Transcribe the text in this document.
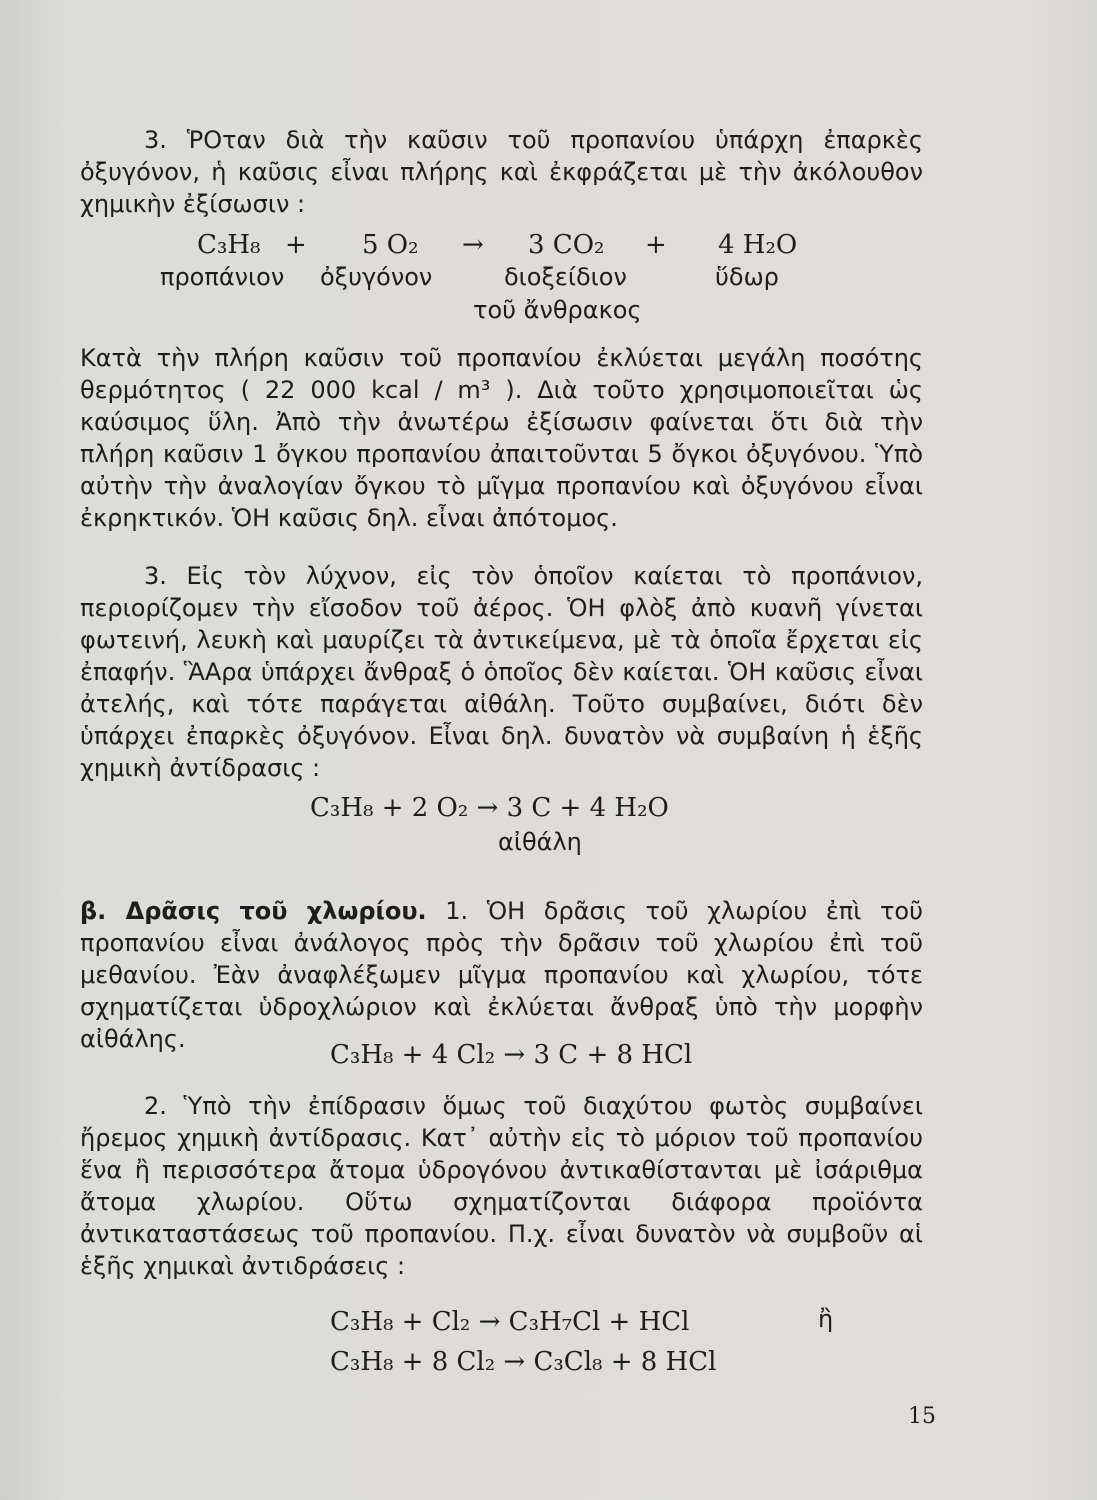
3. ῬΟταν διὰ τὴν καῦσιν τοῦ προπανίου ὑπάρχη ἐπαρκὲς ὀξυγόνον, ἡ καῦσις εἶναι πλήρης καὶ ἐκφράζεται μὲ τὴν ἀκόλουθον χημικὴν ἐξίσωσιν :
C₃H₈ + 5 O₂ → 3 CO₂ + 4 H₂O
προπάνιον ὀξυγόνον	διοξείδιον	ὕδωρ
τοῦ ἄνθρακος
Κατὰ τὴν πλήρη καῦσιν τοῦ προπανίου ἐκλύεται μεγάλη ποσότης θερμότητος ( 22 000 kcal / m³ ). Διὰ τοῦτο χρησιμοποιεῖται ὡς καύσιμος ὕλη. Ἀπὸ τὴν ἀνωτέρω ἐξίσωσιν φαίνεται ὅτι διὰ τὴν πλήρη καῦσιν 1 ὄγκου προπανίου ἀπαιτοῦνται 5 ὄγκοι ὀξυγόνου. Ὑπὸ αὐτὴν τὴν ἀναλογίαν ὄγκου τὸ μῖγμα προπανίου καὶ ὀξυγόνου εἶναι ἐκρηκτικόν. ὉΗ καῦσις δηλ. εἶναι ἀπότομος.
3. Εἰς τὸν λύχνον, εἰς τὸν ὁποῖον καίεται τὸ προπάνιον, περιορίζομεν τὴν εἴσοδον τοῦ ἀέρος. ὉΗ φλὸξ ἀπὸ κυανῆ γίνεται φωτεινή, λευκὴ καὶ μαυρίζει τὰ ἀντικείμενα, μὲ τὰ ὁποῖα ἔρχεται εἰς ἐπαφήν. ἋΑρα ὑπάρχει ἄνθραξ ὁ ὁποῖος δὲν καίεται. ὉΗ καῦσις εἶναι ἀτελής, καὶ τότε παράγεται αἰθάλη. Τοῦτο συμβαίνει, διότι δὲν ὑπάρχει ἐπαρκὲς ὀξυγόνον. Εἶναι δηλ. δυνατὸν νὰ συμβαίνη ἡ ἑξῆς χημικὴ ἀντίδρασις :
C₃H₈ + 2 O₂ → 3 C + 4 H₂O
αἰθάλη
β. Δρᾶσις τοῦ χλωρίου. 1. ὉΗ δρᾶσις τοῦ χλωρίου ἐπὶ τοῦ προπανίου εἶναι ἀνάλογος πρὸς τὴν δρᾶσιν τοῦ χλωρίου ἐπὶ τοῦ μεθανίου. Ἐὰν ἀναφλέξωμεν μῖγμα προπανίου καὶ χλωρίου, τότε σχηματίζεται ὑδροχλώριον καὶ ἐκλύεται ἄνθραξ ὑπὸ τὴν μορφὴν αἰθάλης.
C₃H₈ + 4 Cl₂ → 3 C + 8 HCl
2. Ὑπὸ τὴν ἐπίδρασιν ὅμως τοῦ διαχύτου φωτὸς συμβαίνει ἤρεμος χημικὴ ἀντίδρασις. Κατ᾽ αὐτὴν εἰς τὸ μόριον τοῦ προπανίου ἕνα ἢ περισσότερα ἄτομα ὑδρογόνου ἀντικαθίστανται μὲ ἰσάριθμα ἄτομα χλωρίου. Οὕτω σχηματίζονται διάφορα προϊόντα ἀντικαταστάσεως τοῦ προπανίου. Π.χ. εἶναι δυνατὸν νὰ συμβοῦν αἱ ἑξῆς χημικαὶ ἀντιδράσεις :
C₃H₈ + Cl₂ → C₃H₇Cl + HCl	ἢ
C₃H₈ + 8 Cl₂ → C₃Cl₈ + 8 HCl
15
